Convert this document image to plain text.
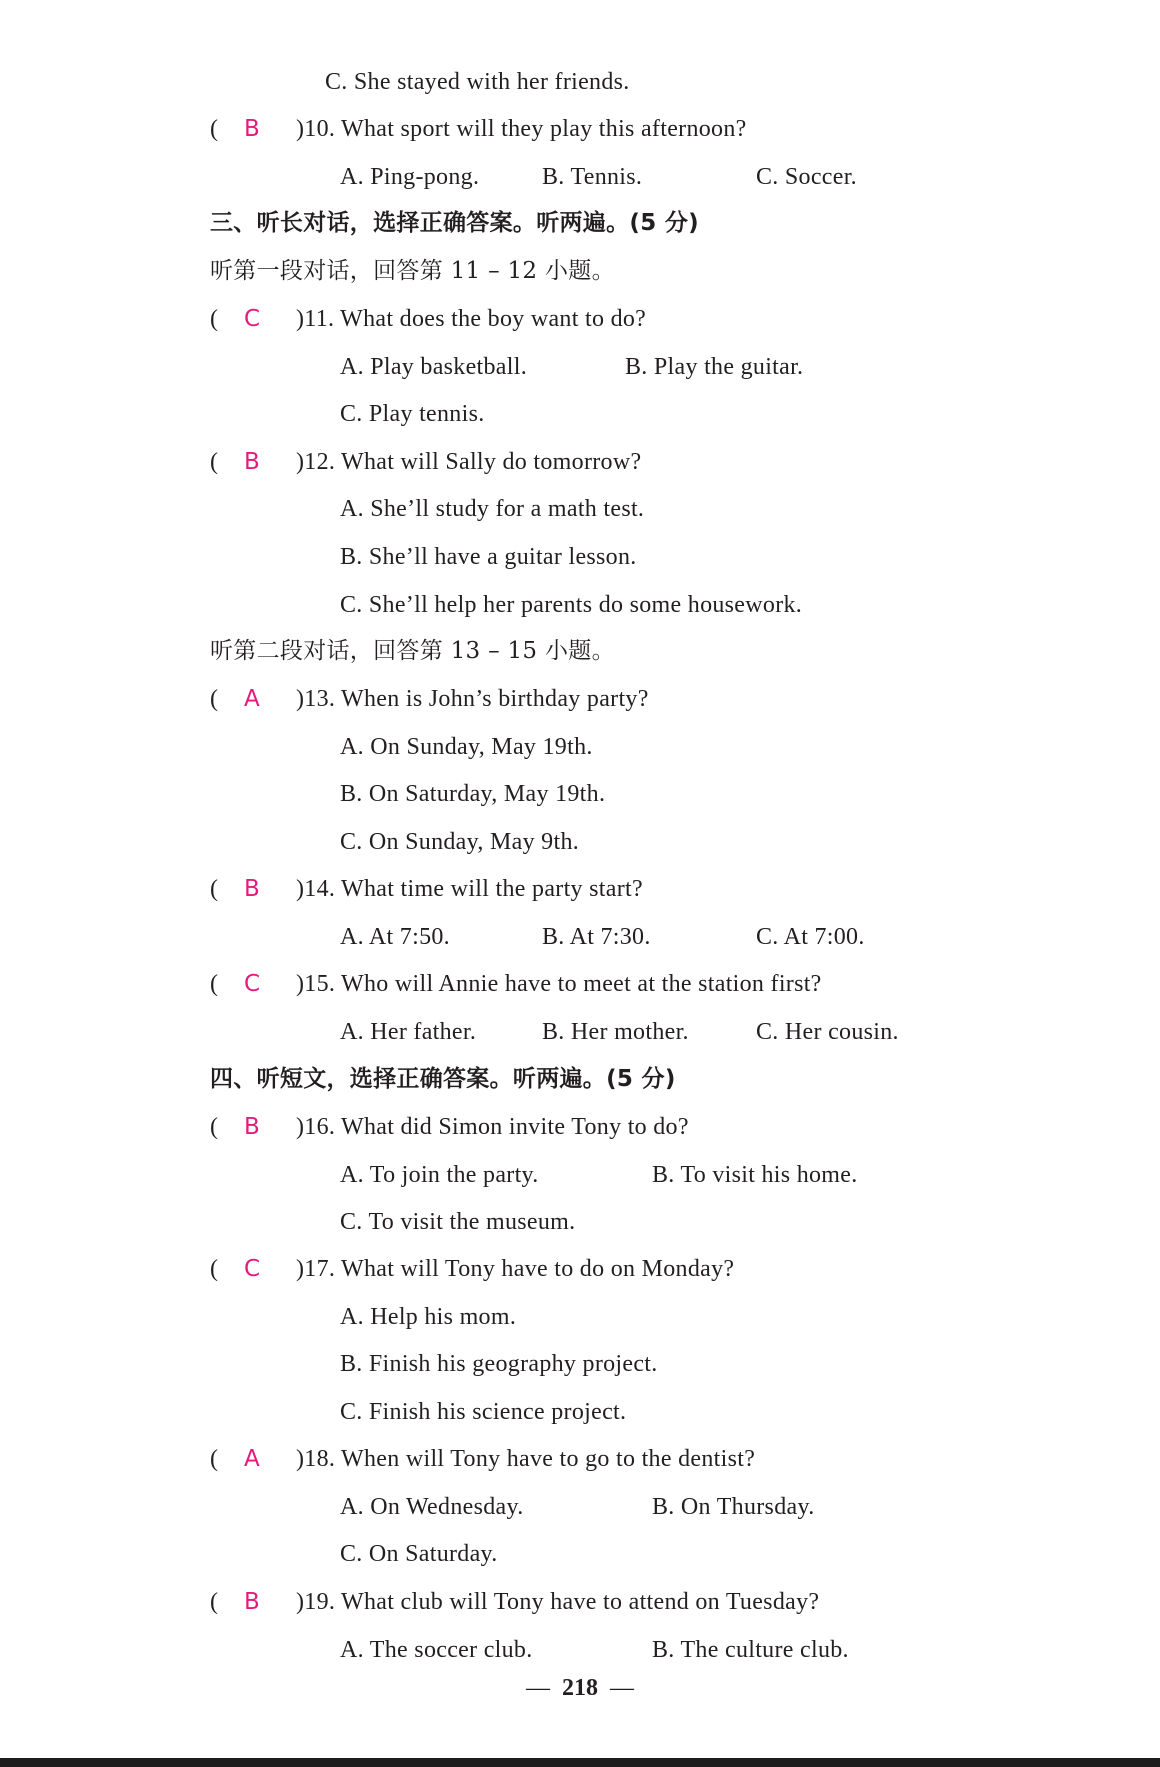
C. She stayed with her friends.
( B )10. What sport will they play this afternoon?
A. Ping-pong.	B. Tennis.	C. Soccer.
三、听长对话，选择正确答案。听两遍。(5 分)
听第一段对话，回答第 11 – 12 小题。
( C )11. What does the boy want to do?
A. Play basketball.	B. Play the guitar.
C. Play tennis.
( B )12. What will Sally do tomorrow?
A. She’ll study for a math test.
B. She’ll have a guitar lesson.
C. She’ll help her parents do some housework.
听第二段对话，回答第 13 – 15 小题。
( A )13. When is John’s birthday party?
A. On Sunday, May 19th.
B. On Saturday, May 19th.
C. On Sunday, May 9th.
( B )14. What time will the party start?
A. At 7:50.	B. At 7:30.	C. At 7:00.
( C )15. Who will Annie have to meet at the station first?
A. Her father.	B. Her mother.	C. Her cousin.
四、听短文，选择正确答案。听两遍。(5 分)
( B )16. What did Simon invite Tony to do?
A. To join the party.	B. To visit his home.
C. To visit the museum.
( C )17. What will Tony have to do on Monday?
A. Help his mom.
B. Finish his geography project.
C. Finish his science project.
( A )18. When will Tony have to go to the dentist?
A. On Wednesday.	B. On Thursday.
C. On Saturday.
( B )19. What club will Tony have to attend on Tuesday?
A. The soccer club.	B. The culture club.
— 218 —
